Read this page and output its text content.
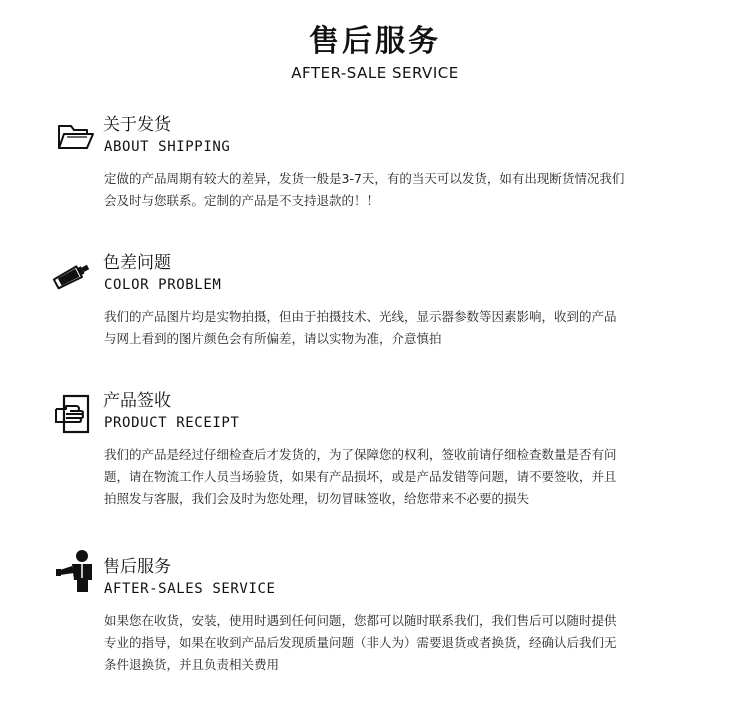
售后服务
AFTER-SALE SERVICE
关于发货
ABOUT SHIPPING
定做的产品周期有较大的差异，发货一般是3-7天，有的当天可以发货，如有出现断货情况我们
会及时与您联系。定制的产品是不支持退款的！！
色差问题
COLOR PROBLEM
我们的产品图片均是实物拍摄，但由于拍摄技术、光线，显示器参数等因素影响，收到的产品
与网上看到的图片颜色会有所偏差，请以实物为准，介意慎拍
产品签收
PRODUCT RECEIPT
我们的产品是经过仔细检查后才发货的，为了保障您的权利，签收前请仔细检查数量是否有问
题，请在物流工作人员当场验货，如果有产品损坏，或是产品发错等问题，请不要签收，并且
拍照发与客服，我们会及时为您处理，切勿冒昧签收，给您带来不必要的损失
售后服务
AFTER-SALES SERVICE
如果您在收货，安装，使用时遇到任何问题，您都可以随时联系我们，我们售后可以随时提供
专业的指导，如果在收到产品后发现质量问题（非人为）需要退货或者换货，经确认后我们无
条件退换货，并且负责相关费用
